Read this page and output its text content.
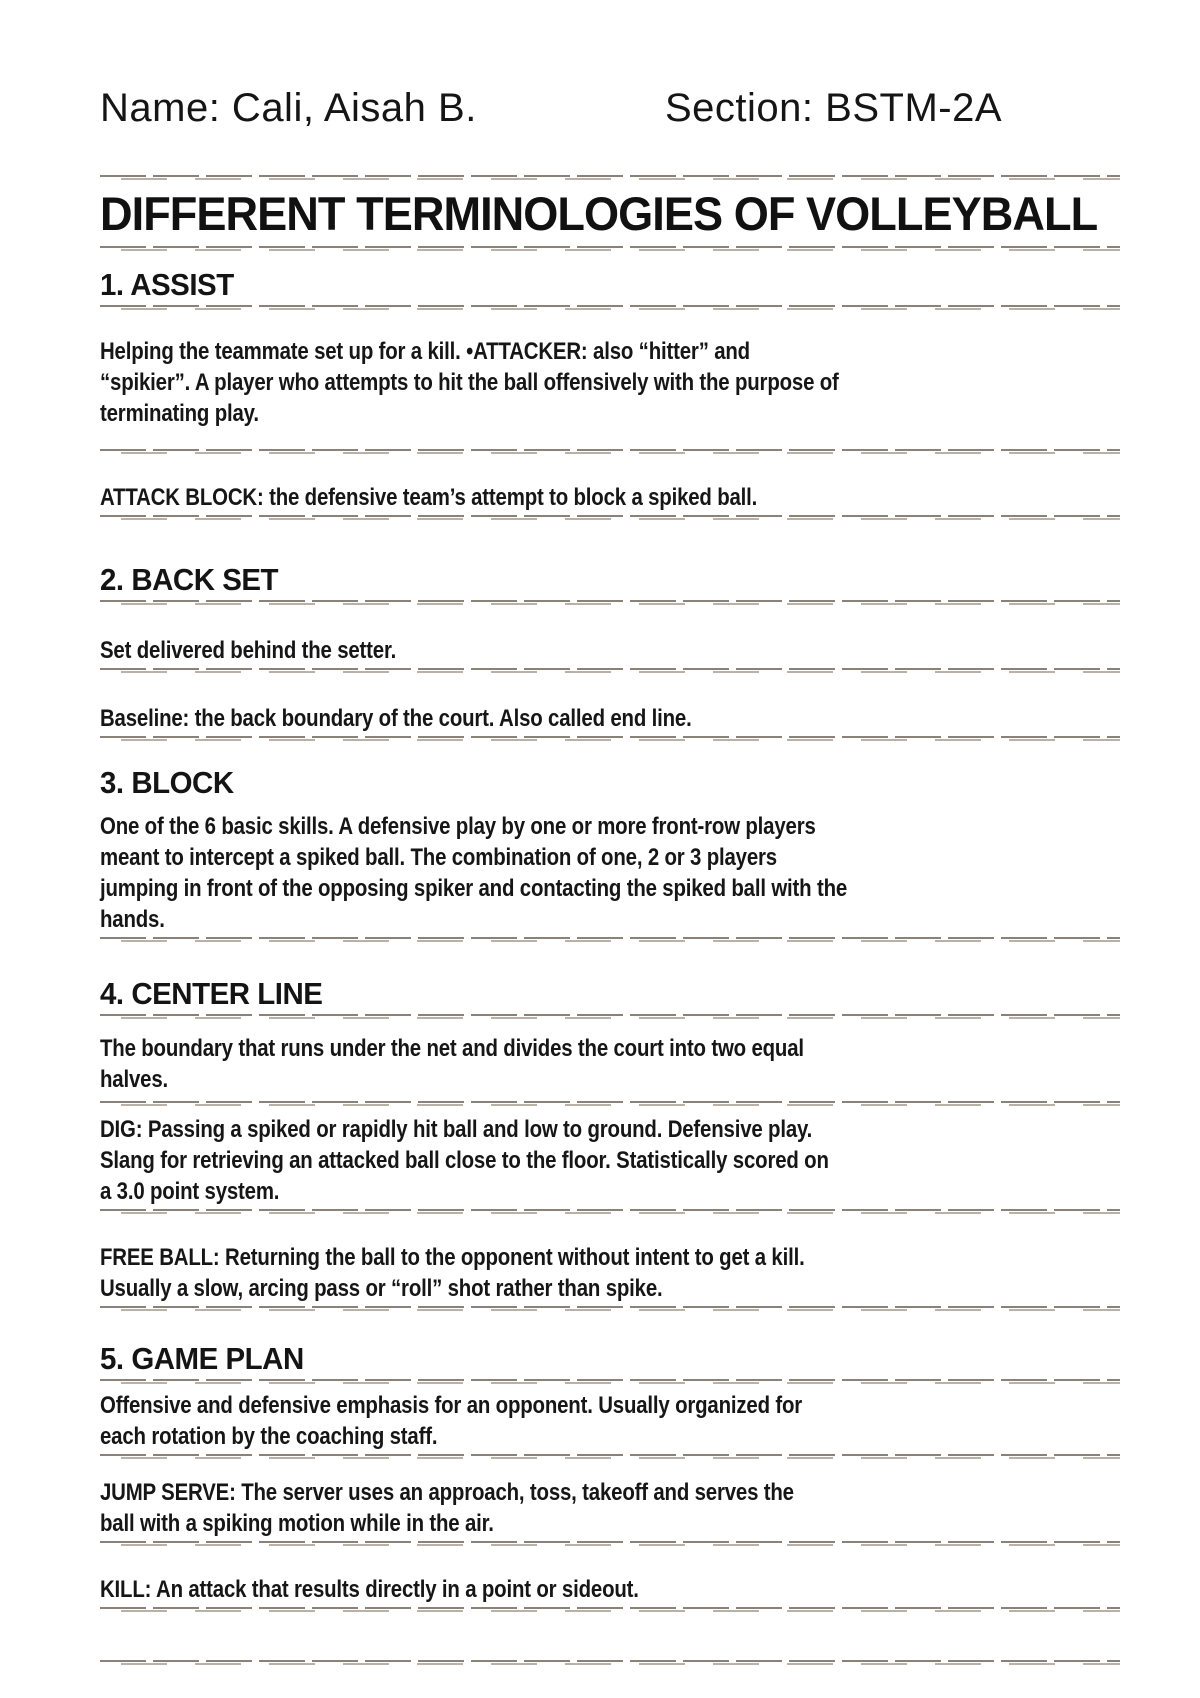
Name: Cali, Aisah B.	Section: BSTM-2A
DIFFERENT TERMINOLOGIES OF VOLLEYBALL
1. ASSIST
Helping the teammate set up for a kill. •ATTACKER: also “hitter” and
“spikier”. A player who attempts to hit the ball offensively with the purpose of
terminating play.
ATTACK BLOCK: the defensive team’s attempt to block a spiked ball.
2. BACK SET
Set delivered behind the setter.
Baseline: the back boundary of the court. Also called end line.
3. BLOCK
One of the 6 basic skills. A defensive play by one or more front-row players
meant to intercept a spiked ball. The combination of one, 2 or 3 players
jumping in front of the opposing spiker and contacting the spiked ball with the
hands.
4. CENTER LINE
The boundary that runs under the net and divides the court into two equal
halves.
DIG: Passing a spiked or rapidly hit ball and low to ground. Defensive play.
Slang for retrieving an attacked ball close to the floor. Statistically scored on
a 3.0 point system.
FREE BALL: Returning the ball to the opponent without intent to get a kill.
Usually a slow, arcing pass or “roll” shot rather than spike.
5. GAME PLAN
Offensive and defensive emphasis for an opponent. Usually organized for
each rotation by the coaching staff.
JUMP SERVE: The server uses an approach, toss, takeoff and serves the
ball with a spiking motion while in the air.
KILL: An attack that results directly in a point or sideout.
